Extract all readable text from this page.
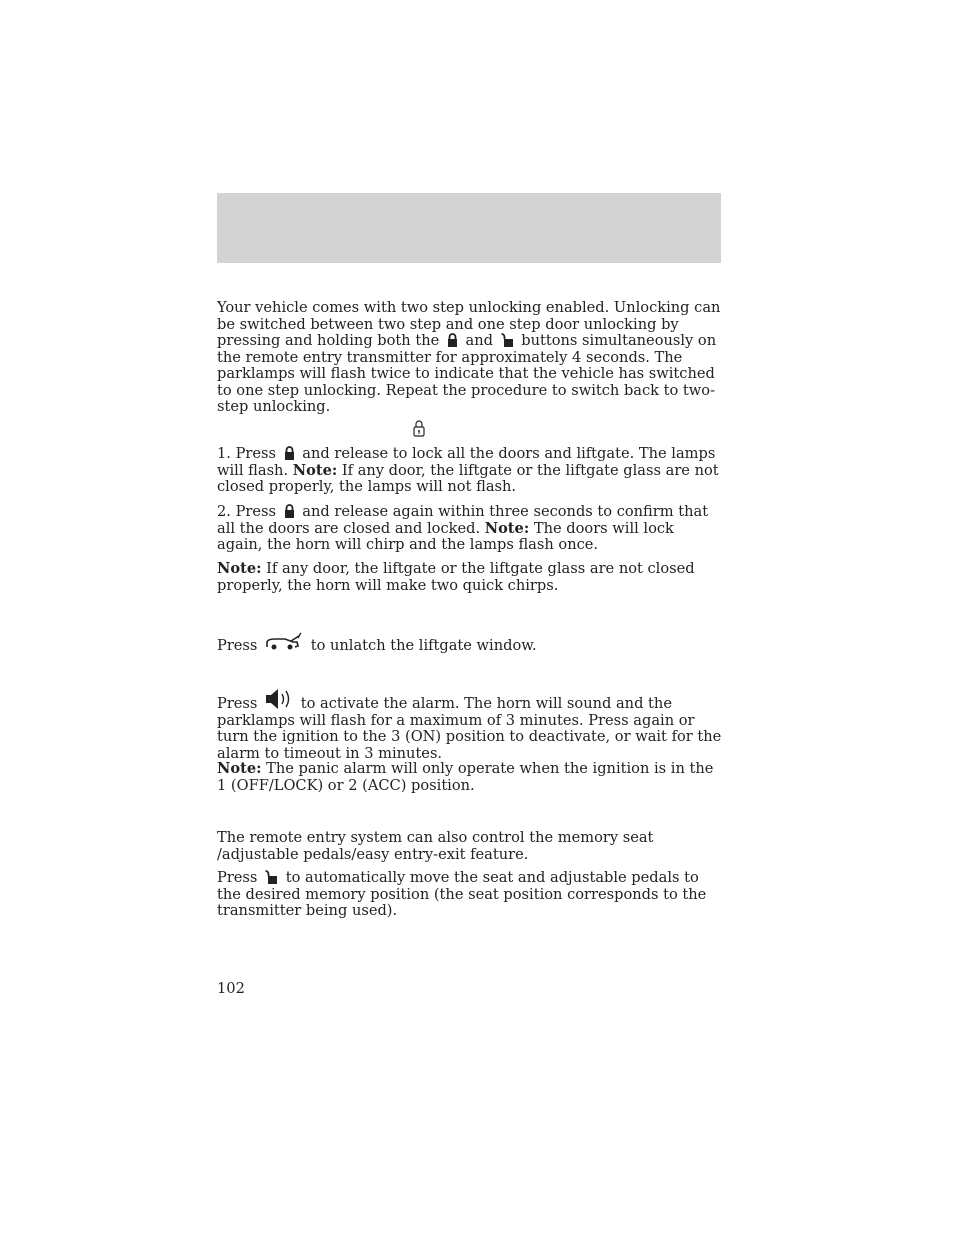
Your vehicle comes with two step unlocking enabled. Unlocking can be switched between two step and one step door unlocking by pressing and holding both the and buttons simultaneously on the remote entry transmitter for approximately 4 seconds. The parklamps will flash twice to indicate that the vehicle has switched to one step unlocking. Repeat the procedure to switch back to two-step unlocking.

1. Press and release to lock all the doors and liftgate. The lamps will flash. Note: If any door, the liftgate or the liftgate glass are not closed properly, the lamps will not flash.

2. Press and release again within three seconds to confirm that all the doors are closed and locked. Note: The doors will lock again, the horn will chirp and the lamps flash once.

Note: If any door, the liftgate or the liftgate glass are not closed properly, the horn will make two quick chirps.

Press	to unlatch the liftgate window.

Press	to activate the alarm. The horn will sound and the parklamps will flash for a maximum of 3 minutes. Press again or turn the ignition to the 3 (ON) position to deactivate, or wait for the alarm to timeout in 3 minutes.

Note: The panic alarm will only operate when the ignition is in the 1 (OFF/LOCK) or 2 (ACC) position.

The remote entry system can also control the memory seat /adjustable pedals/easy entry-exit feature.

Press to automatically move the seat and adjustable pedals to the desired memory position (the seat position corresponds to the transmitter being used).

102
